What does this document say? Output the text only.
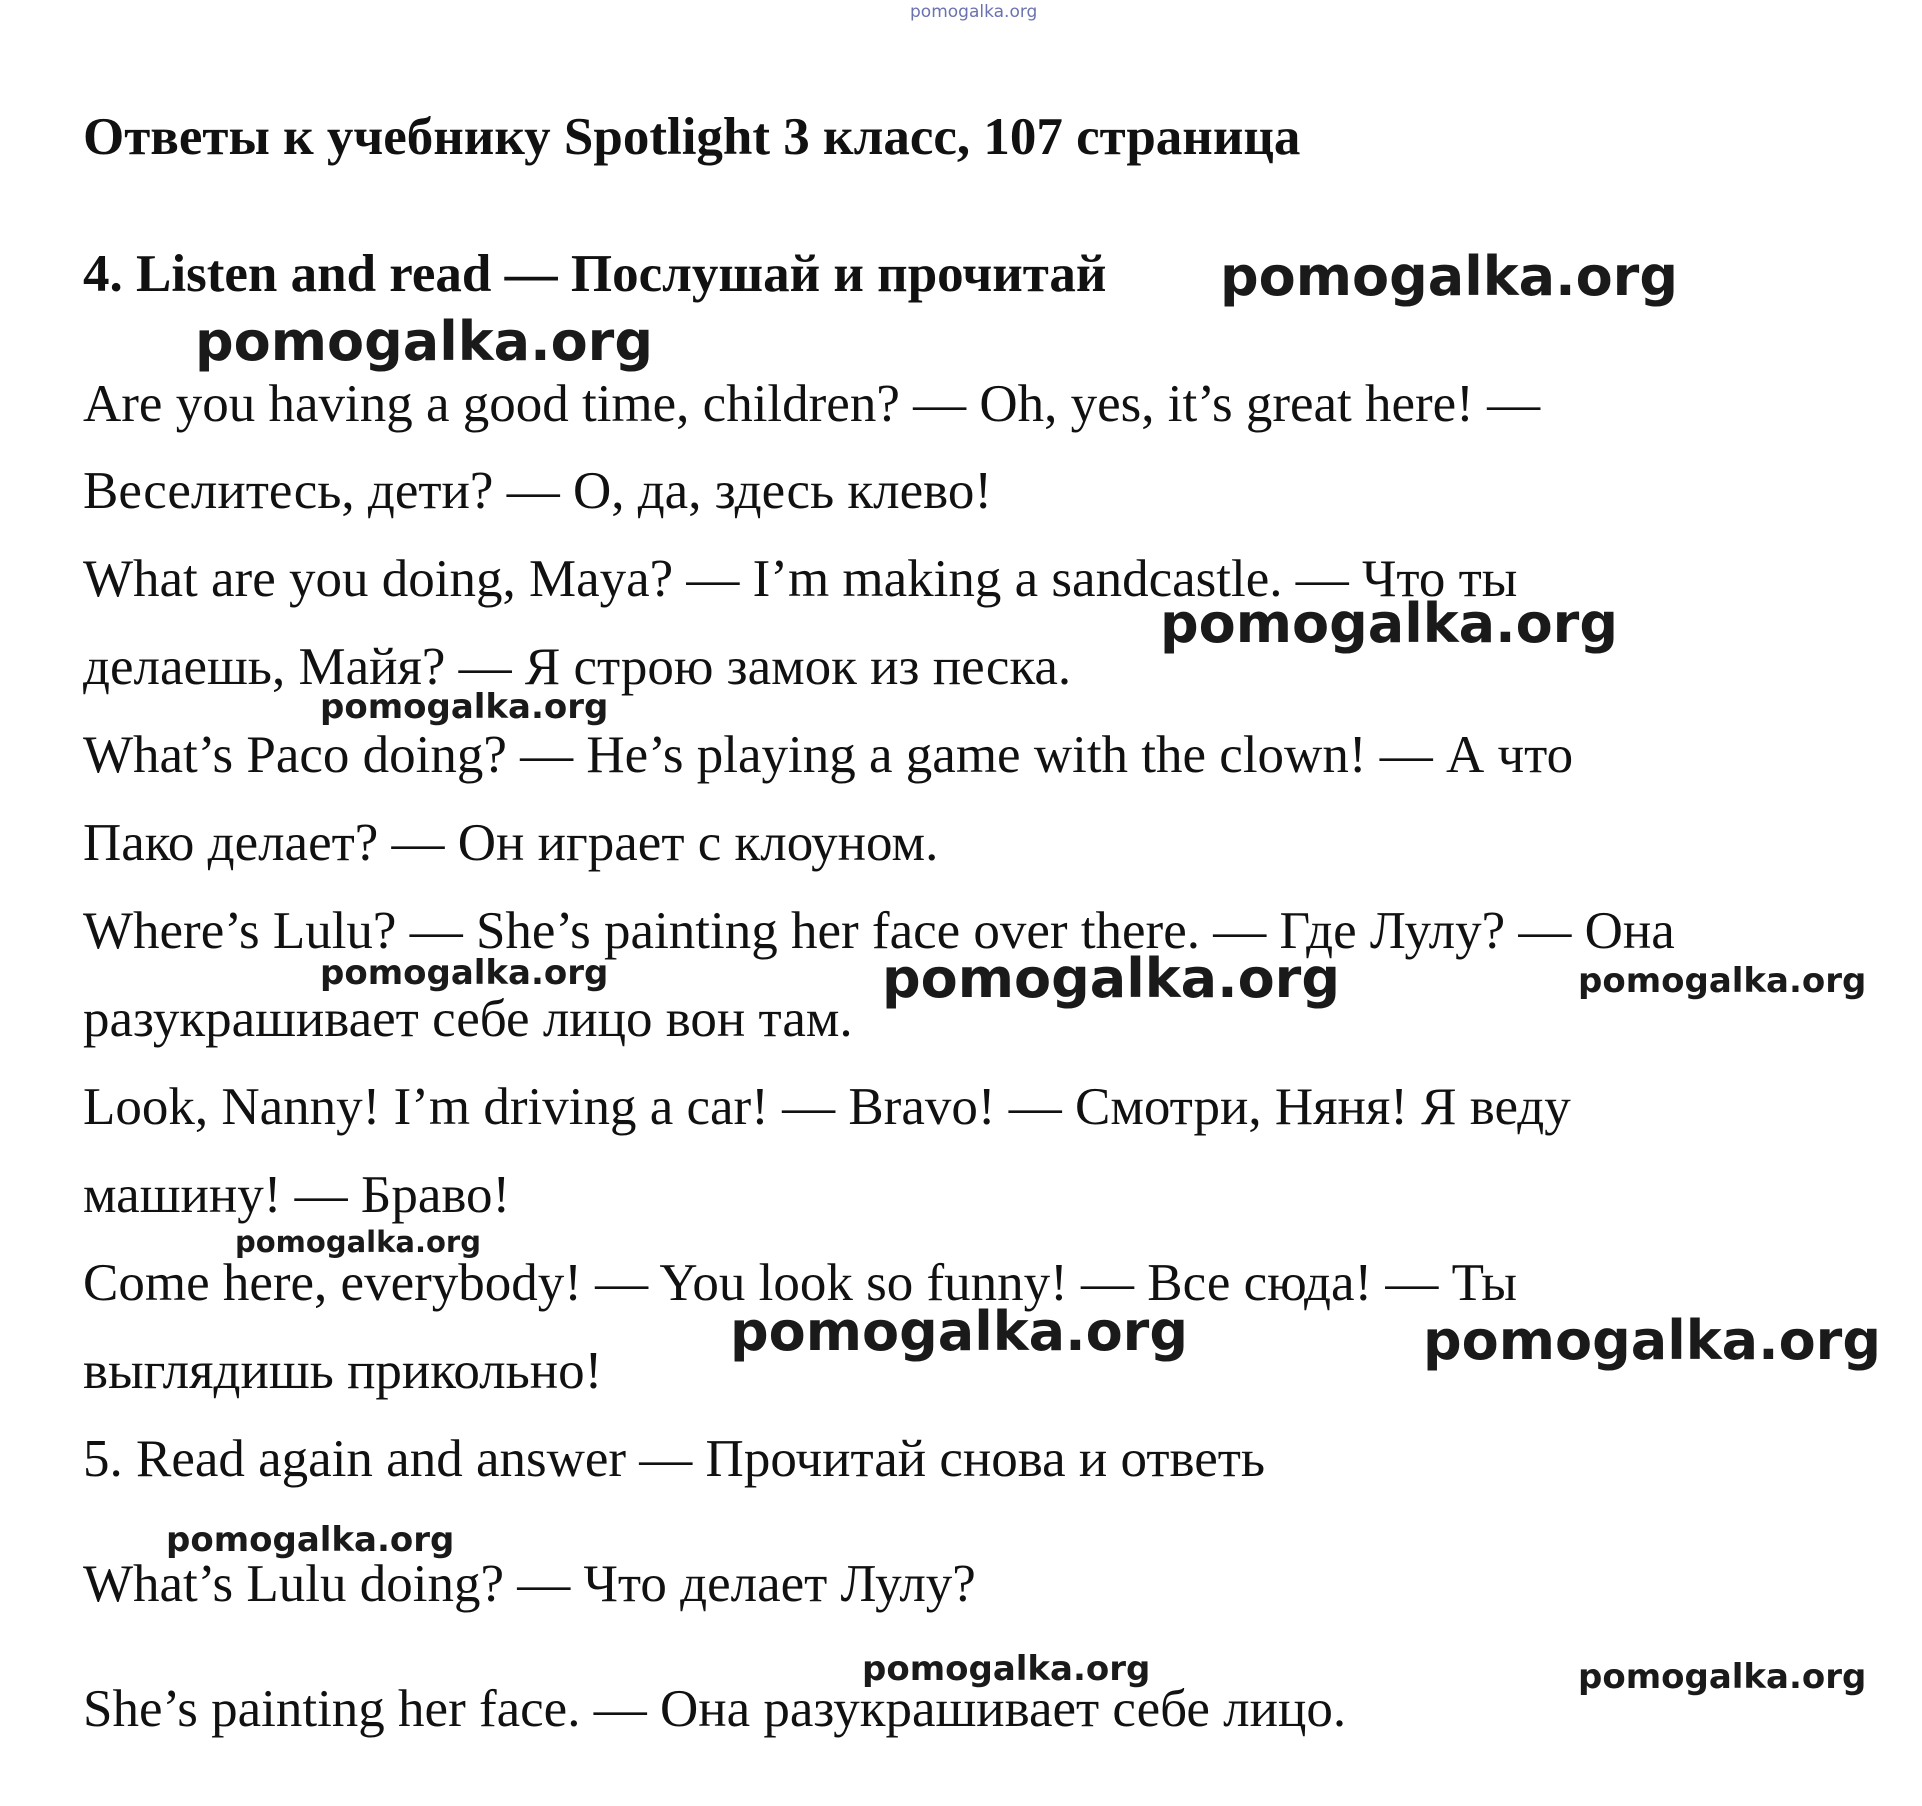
pomogalka.org
Ответы к учебнику Spotlight 3 класс, 107 страница
4. Listen and read — Послушай и прочитай pomogalka.org
pomogalka.org
Are you having a good time, children? — Oh, yes, it’s great here! —
Веселитесь, дети? — О, да, здесь клево!
What are you doing, Maya? — I’m making a sandcastle. — Что ты
делаешь, Майя? — Я строю замок из песка.
What’s Paco doing? — He’s playing a game with the clown! — А что
Пако делает? — Он играет с клоуном.
Where’s Lulu? — She’s painting her face over there. — Где Лулу? — Она
разукрашивает себе лицо вон там.
Look, Nanny! I’m driving a car! — Bravo! — Смотри, Няня! Я веду
машину! — Браво!
Come here, everybody! — You look so funny! — Все сюда! — Ты
выглядишь прикольно!
5. Read again and answer — Прочитай снова и ответь
What’s Lulu doing? — Что делает Лулу?
She’s painting her face. — Она разукрашивает себе лицо.
pomogalka.org
pomogalka.org
pomogalka.org	pomogalka.org	pomogalka.org
pomogalka.org
pomogalka.org	pomogalka.org
pomogalka.org
pomogalka.org	pomogalka.org
